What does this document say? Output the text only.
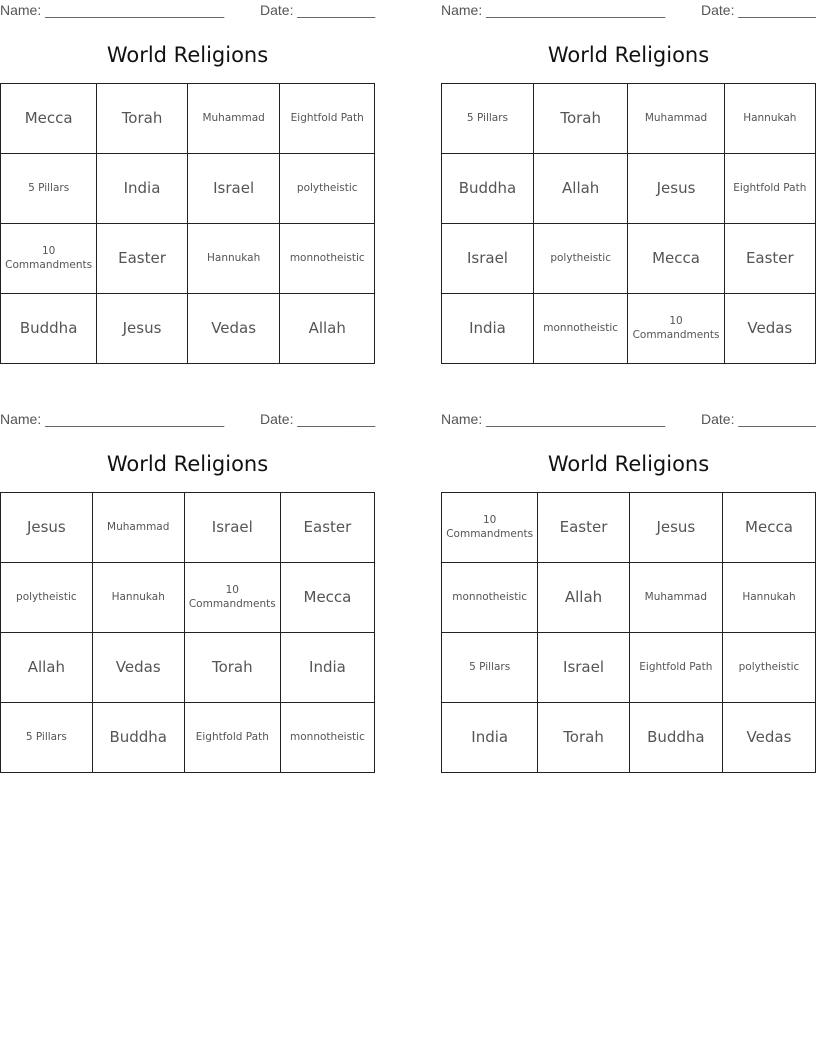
Name: _______________________	Date: __________
World Religions
Mecca	Torah	Muhammad	Eightfold Path
5 Pillars	India	Israel	polytheistic
10 Commandments	Easter	Hannukah	monnotheistic
Buddha	Jesus	Vedas	Allah
Name: _______________________	Date: __________
World Religions
5 Pillars	Torah	Muhammad	Hannukah
Buddha	Allah	Jesus	Eightfold Path
Israel	polytheistic	Mecca	Easter
India	monnotheistic	10 Commandments	Vedas
Name: _______________________	Date: __________
World Religions
Jesus	Muhammad	Israel	Easter
polytheistic	Hannukah	10 Commandments	Mecca
Allah	Vedas	Torah	India
5 Pillars	Buddha	Eightfold Path	monnotheistic
Name: _______________________	Date: __________
World Religions
10 Commandments	Easter	Jesus	Mecca
monnotheistic	Allah	Muhammad	Hannukah
5 Pillars	Israel	Eightfold Path	polytheistic
India	Torah	Buddha	Vedas
